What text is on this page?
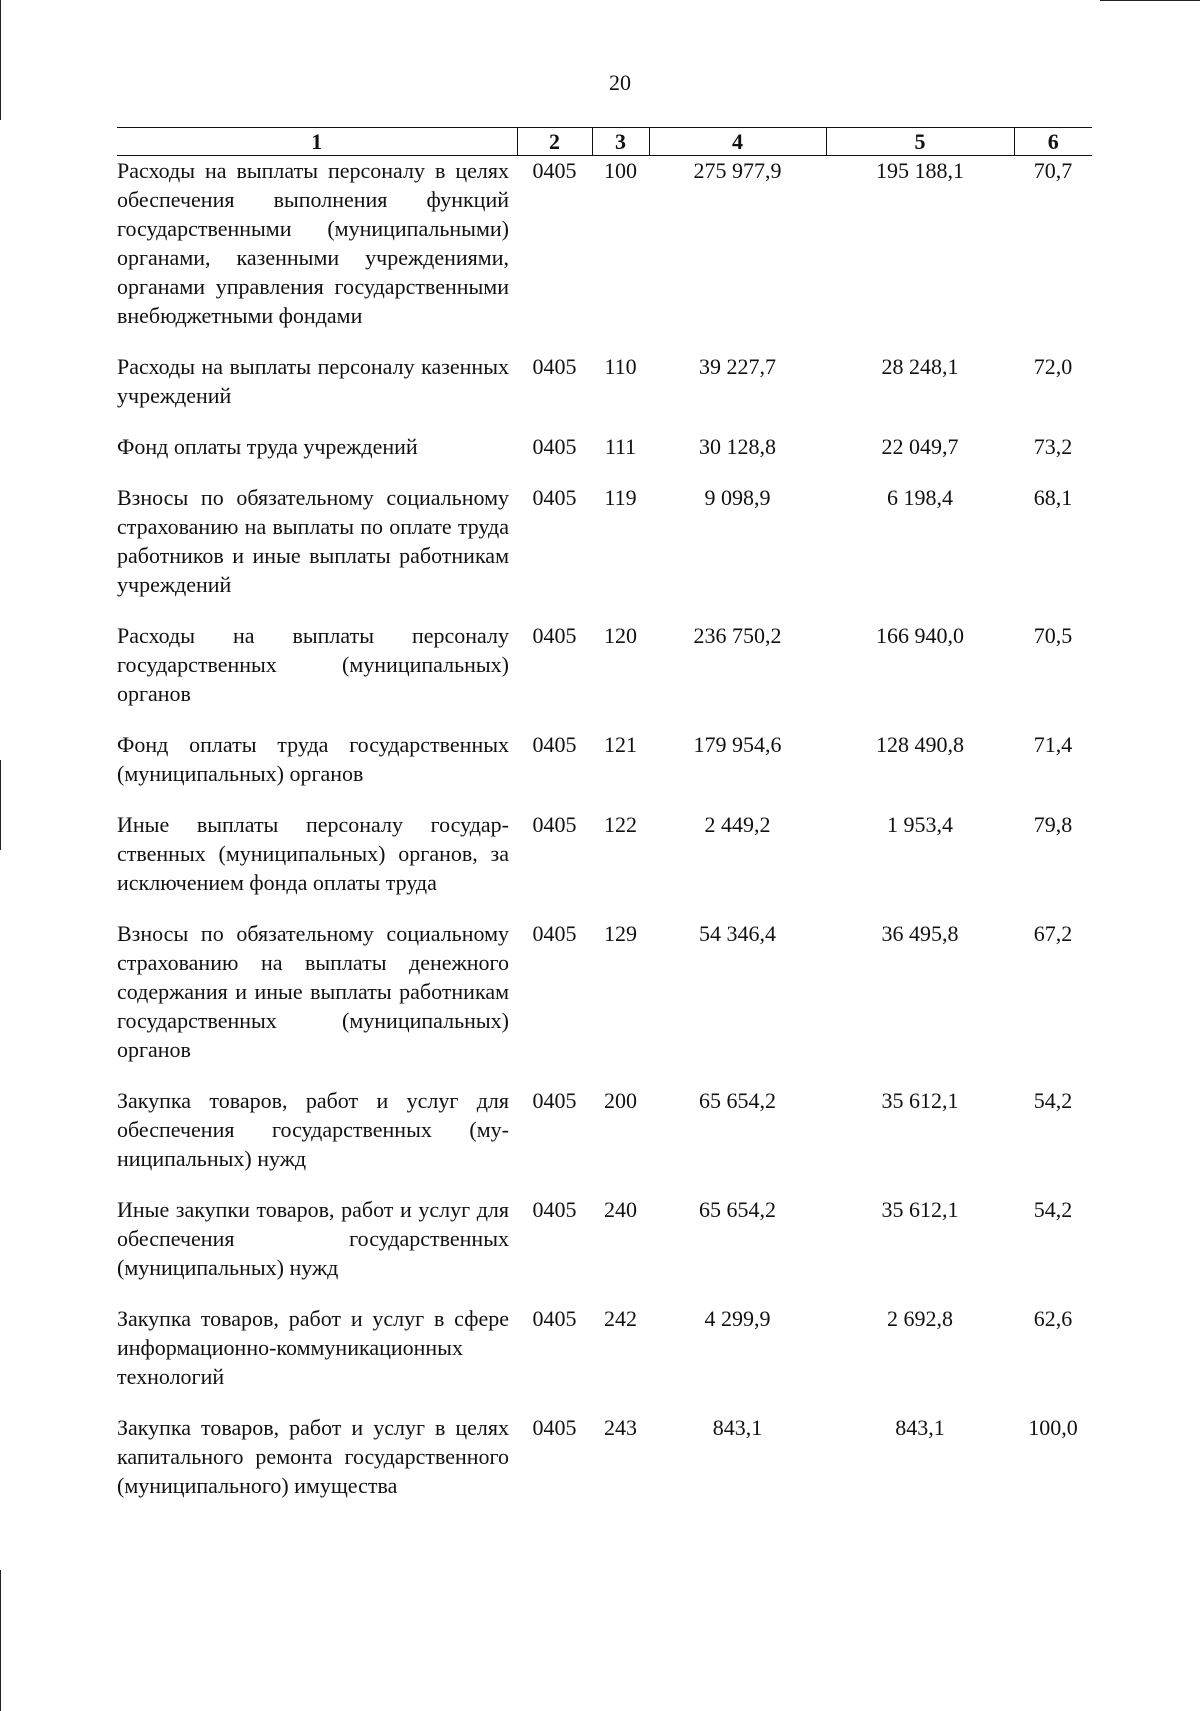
20
1	2	3	4	5	6
Расходы на выплаты персоналу в целях обеспечения выполнения функций государственными (муниципальными) органами, казенными учреждениями, органами управления государственными внебюджетными фондами	0405	100	275 977,9	195 188,1	70,7
Расходы на выплаты персоналу казенных учреждений	0405	110	39 227,7	28 248,1	72,0
Фонд оплаты труда учреждений	0405	111	30 128,8	22 049,7	73,2
Взносы по обязательному социальному страхованию на выплаты по оплате труда работников и иные выплаты работникам учреждений	0405	119	9 098,9	6 198,4	68,1
Расходы на выплаты персоналу государственных (муниципальных) органов	0405	120	236 750,2	166 940,0	70,5
Фонд оплаты труда государственных (муниципальных) органов	0405	121	179 954,6	128 490,8	71,4
Иные выплаты персоналу государственных (муниципальных) органов, за исключением фонда оплаты труда	0405	122	2 449,2	1 953,4	79,8
Взносы по обязательному социальному страхованию на выплаты денежного содержания и иные выплаты работникам государственных (муниципальных) органов	0405	129	54 346,4	36 495,8	67,2
Закупка товаров, работ и услуг для обеспечения государственных (муниципальных) нужд	0405	200	65 654,2	35 612,1	54,2
Иные закупки товаров, работ и услуг для обеспечения государственных (муниципальных) нужд	0405	240	65 654,2	35 612,1	54,2
Закупка товаров, работ и услуг в сфере информационно-коммуникационных технологий	0405	242	4 299,9	2 692,8	62,6
Закупка товаров, работ и услуг в целях капитального ремонта государственного (муниципального) имущества	0405	243	843,1	843,1	100,0
